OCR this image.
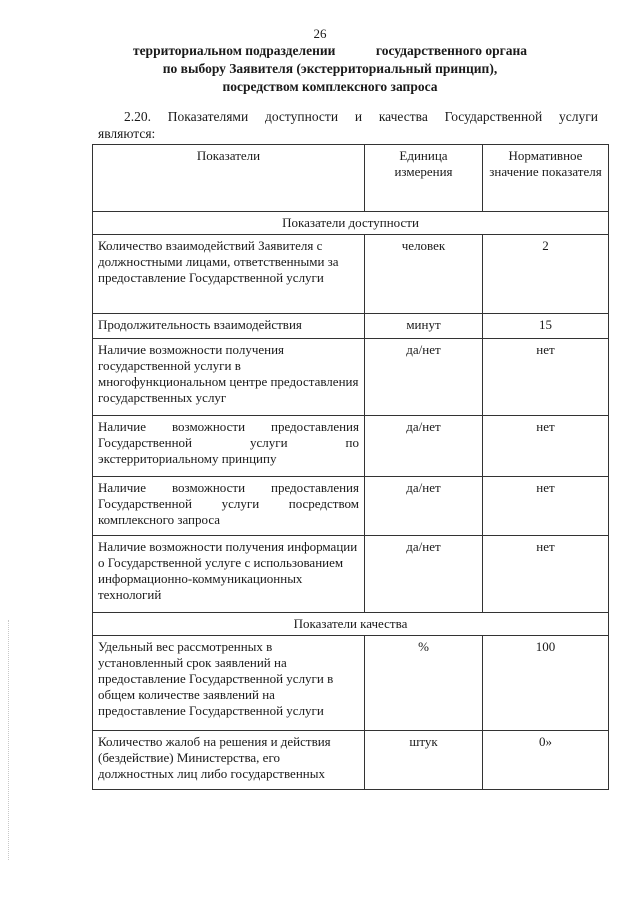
26
территориальном подразделении            государственного органа
по выбору Заявителя (экстерриториальный принцип),
посредством комплексного запроса
2.20. Показателями доступности и качества Государственной услуги
являются:
Показатели	Единица измерения	Нормативное значение показателя
Показатели доступности		
Количество взаимодействий Заявителя с должностными лицами, ответственными за предоставление Государственной услуги	человек	2
Продолжительность взаимодействия	минут	15
Наличие возможности получения государственной услуги в многофункциональном центре предоставления государственных услуг	да/нет	нет
Наличие возможности предоставления Государственной услуги по экстерриториальному принципу	да/нет	нет
Наличие возможности предоставления Государственной услуги посредством комплексного запроса	да/нет	нет
Наличие возможности получения информации о Государственной услуге с использованием информационно-коммуникационных технологий	да/нет	нет
Показатели качества		
Удельный вес рассмотренных в установленный срок заявлений на предоставление Государственной услуги в общем количестве заявлений на предоставление Государственной услуги	%	100
Количество жалоб на решения и действия (бездействие) Министерства, его должностных лиц либо государственных	штук	0»
